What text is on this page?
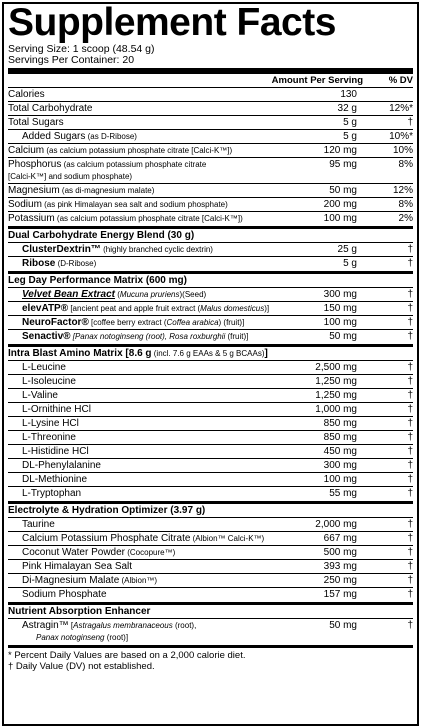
Supplement Facts
Serving Size: 1 scoop (48.54 g)
Servings Per Container: 20
Amount Per Serving	% DV
Calories	130
Total Carbohydrate	32 g	12%*
Total Sugars	5 g	†
Added Sugars (as D-Ribose)	5 g	10%*
Calcium (as calcium potassium phosphate citrate [Calci-K™])	120 mg	10%
Phosphorus (as calcium potassium phosphate citrate
[Calci-K™] and sodium phosphate)
95 mg	8%
Magnesium (as di-magnesium malate)	50 mg	12%
Sodium (as pink Himalayan sea salt and sodium phosphate)	200 mg	8%
Potassium (as calcium potassium phosphate citrate [Calci-K™])	100 mg	2%
Dual Carbohydrate Energy Blend (30 g)
ClusterDextrin™ (highly branched cyclic dextrin)	25 g	†
Ribose (D-Ribose)	5 g	†
Leg Day Performance Matrix (600 mg)
Velvet Bean Extract (Mucuna pruriens)(Seed)	300 mg	†
elevATP® [ancient peat and apple fruit extract (Malus domesticus)]	150 mg	†
NeuroFactor® [coffee berry extract (Coffea arabica) (fruit)]	100 mg	†
Senactiv® [Panax notoginseng (root), Rosa roxburghii (fruit)]	50 mg	†
Intra Blast Amino Matrix [8.6 g (incl. 7.6 g EAAs & 5 g BCAAs)]
L-Leucine	2,500 mg	†
L-Isoleucine	1,250 mg	†
L-Valine	1,250 mg	†
L-Ornithine HCl	1,000 mg	†
L-Lysine HCl	850 mg	†
L-Threonine	850 mg	†
L-Histidine HCl	450 mg	†
DL-Phenylalanine	300 mg	†
DL-Methionine	100 mg	†
L-Tryptophan	55 mg	†
Electrolyte & Hydration Optimizer (3.97 g)
Taurine	2,000 mg	†
Calcium Potassium Phosphate Citrate (Albion™ Calci-K™)	667 mg	†
Coconut Water Powder (Cocopure™)	500 mg	†
Pink Himalayan Sea Salt	393 mg	†
Di-Magnesium Malate (Albion™)	250 mg	†
Sodium Phosphate	157 mg	†
Nutrient Absorption Enhancer
Astragin™ [Astragalus membranaceous (root),
Panax notoginseng (root)]
50 mg	†
* Percent Daily Values are based on a 2,000 calorie diet.
† Daily Value (DV) not established.
